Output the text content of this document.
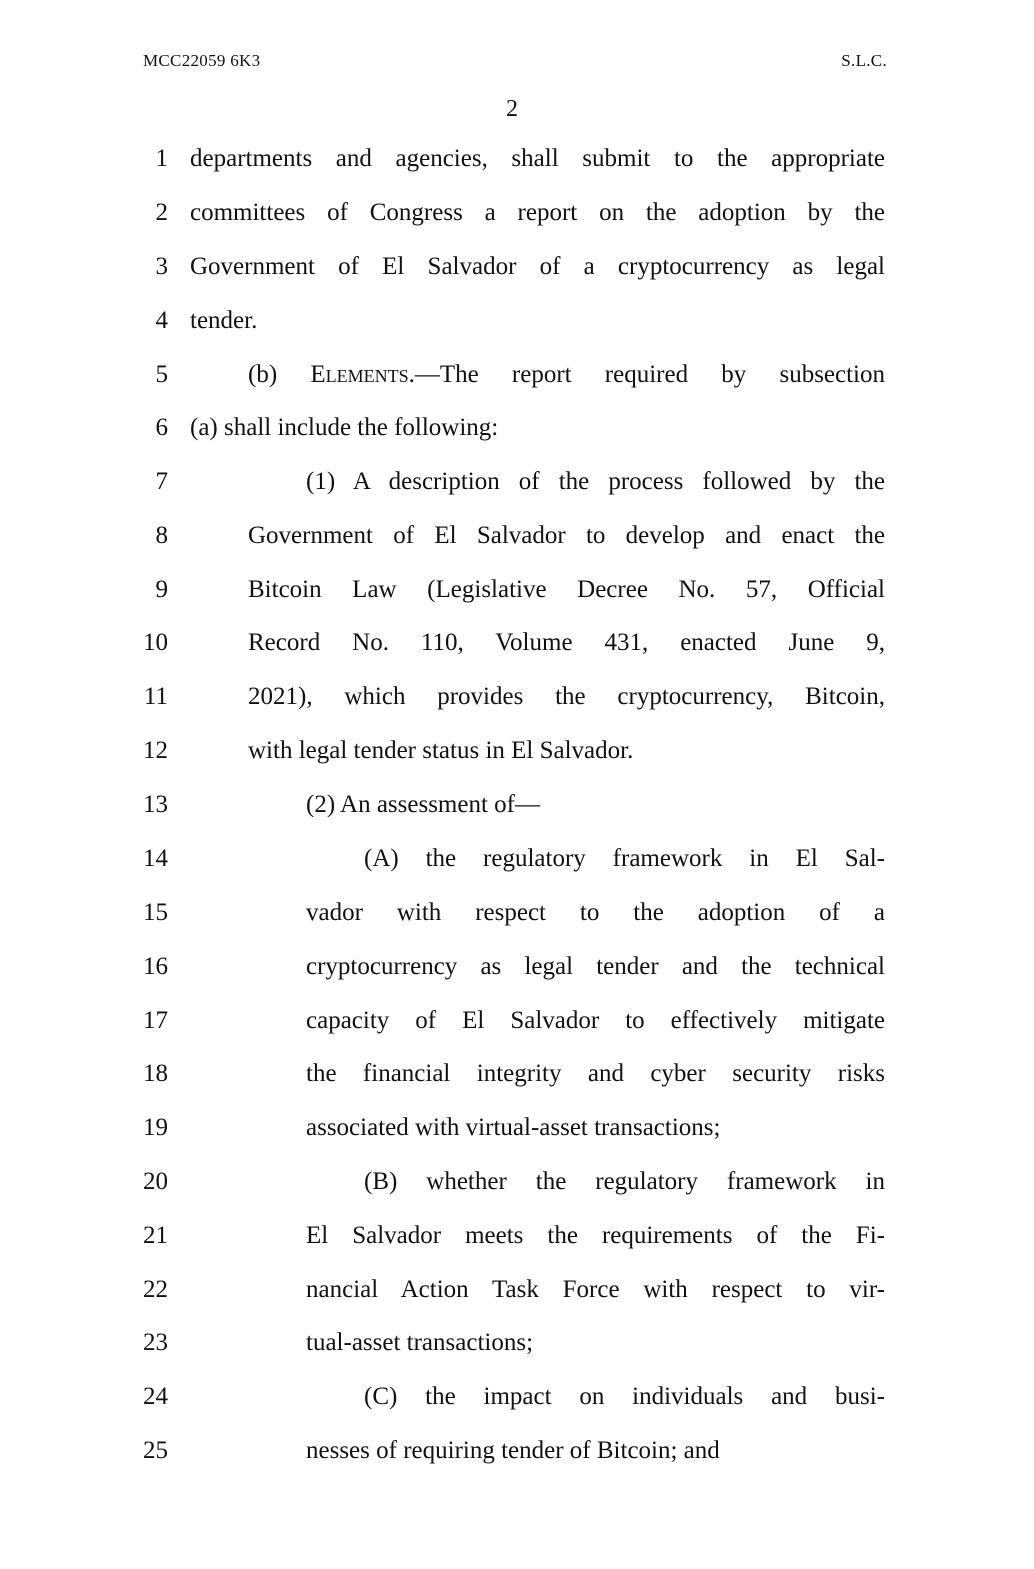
MCC22059 6K3	S.L.C.
2
1 departments and agencies, shall submit to the appropriate
2 committees of Congress a report on the adoption by the
3 Government of El Salvador of a cryptocurrency as legal
4 tender.
5	(b) Elements.—The report required by subsection
6 (a) shall include the following:
7	(1) A description of the process followed by the
8	Government of El Salvador to develop and enact the
9	Bitcoin Law (Legislative Decree No. 57, Official
10	Record No. 110, Volume 431, enacted June 9,
11	2021), which provides the cryptocurrency, Bitcoin,
12	with legal tender status in El Salvador.
13	(2) An assessment of—
14	(A) the regulatory framework in El Sal-
15	vador with respect to the adoption of a
16	cryptocurrency as legal tender and the technical
17	capacity of El Salvador to effectively mitigate
18	the financial integrity and cyber security risks
19	associated with virtual-asset transactions;
20	(B) whether the regulatory framework in
21	El Salvador meets the requirements of the Fi-
22	nancial Action Task Force with respect to vir-
23	tual-asset transactions;
24	(C) the impact on individuals and busi-
25	nesses of requiring tender of Bitcoin; and
